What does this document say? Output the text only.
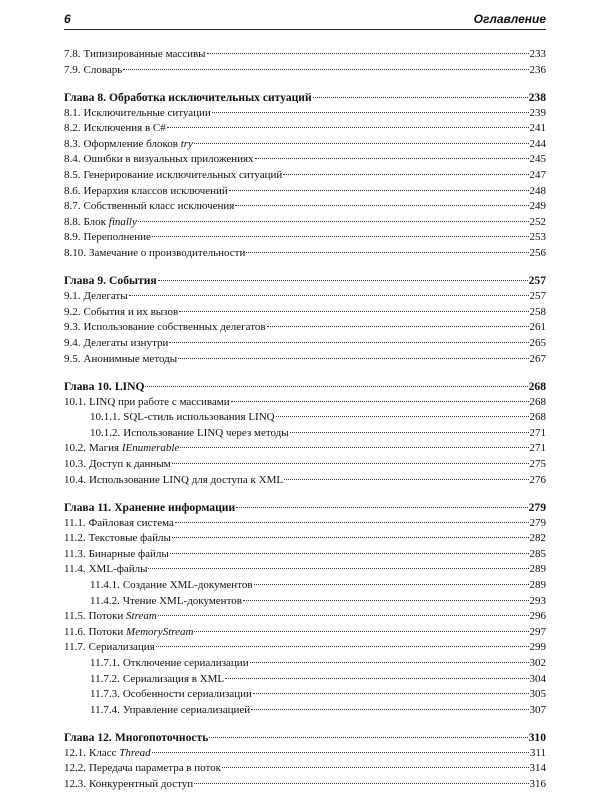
6	Оглавление
7.8. Типизированные массивы	233
7.9. Словарь	236
Глава 8. Обработка исключительных ситуаций	238
8.1. Исключительные ситуации	239
8.2. Исключения в C#	241
8.3. Оформление блоков try	244
8.4. Ошибки в визуальных приложениях	245
8.5. Генерирование исключительных ситуаций	247
8.6. Иерархия классов исключений	248
8.7. Собственный класс исключения	249
8.8. Блок finally	252
8.9. Переполнение	253
8.10. Замечание о производительности	256
Глава 9. События	257
9.1. Делегаты	257
9.2. События и их вызов	258
9.3. Использование собственных делегатов	261
9.4. Делегаты изнутри	265
9.5. Анонимные методы	267
Глава 10. LINQ	268
10.1. LINQ при работе с массивами	268
10.1.1. SQL-стиль использования LINQ	268
10.1.2. Использование LINQ через методы	271
10.2. Магия IEnumerable	271
10.3. Доступ к данным	275
10.4. Использование LINQ для доступа к XML	276
Глава 11. Хранение информации	279
11.1. Файловая система	279
11.2. Текстовые файлы	282
11.3. Бинарные файлы	285
11.4. XML-файлы	289
11.4.1. Создание XML-документов	289
11.4.2. Чтение XML-документов	293
11.5. Потоки Stream	296
11.6. Потоки MemoryStream	297
11.7. Сериализация	299
11.7.1. Отключение сериализации	302
11.7.2. Сериализация в XML	304
11.7.3. Особенности сериализации	305
11.7.4. Управление сериализацией	307
Глава 12. Многопоточность	310
12.1. Класс Thread	311
12.2. Передача параметра в поток	314
12.3. Конкурентный доступ	316
